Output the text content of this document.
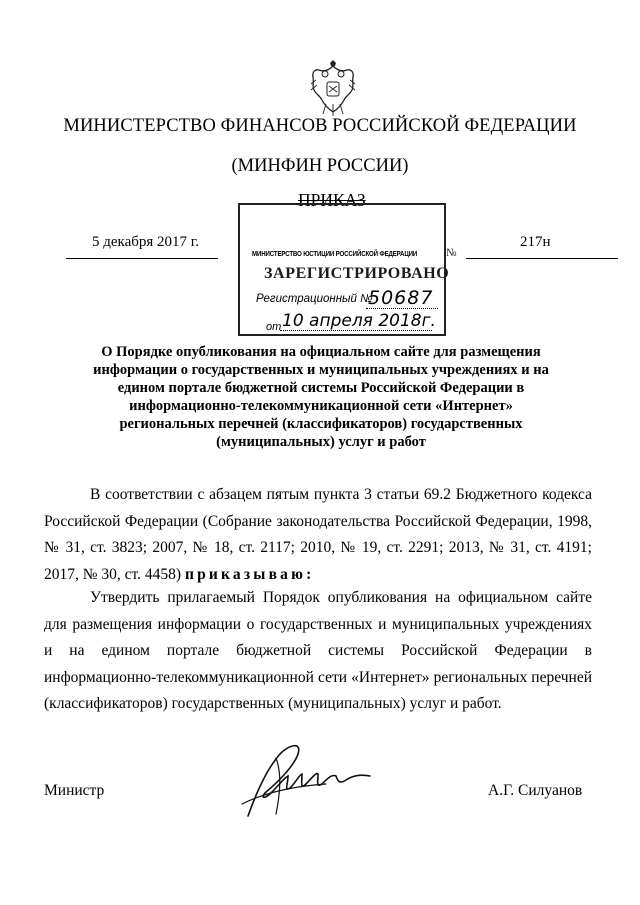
МИНИСТЕРСТВО ФИНАНСОВ РОССИЙСКОЙ ФЕДЕРАЦИИ
(МИНФИН РОССИИ)
ПРИКАЗ
5 декабря 2017 г.
№
217н
МИНИСТЕРСТВО ЮСТИЦИИ РОССИЙСКОЙ ФЕДЕРАЦИИ
ЗАРЕГИСТРИРОВАНО
Регистрационный №
50687
от 10 апреля 2018г.
О Порядке опубликования на официальном сайте для размещения информации о государственных и муниципальных учреждениях и на едином портале бюджетной системы Российской Федерации в информационно-телекоммуникационной сети «Интернет» региональных перечней (классификаторов) государственных (муниципальных) услуг и работ
В соответствии с абзацем пятым пункта 3 статьи 69.2 Бюджетного кодекса Российской Федерации (Собрание законодательства Российской Федерации, 1998, № 31, ст. 3823; 2007, № 18, ст. 2117; 2010, № 19, ст. 2291; 2013, № 31, ст. 4191; 2017, № 30, ст. 4458) приказываю:
Утвердить прилагаемый Порядок опубликования на официальном сайте для размещения информации о государственных и муниципальных учреждениях и на едином портале бюджетной системы Российской Федерации в информационно-телекоммуникационной сети «Интернет» региональных перечней (классификаторов) государственных (муниципальных) услуг и работ.
Министр	А.Г. Силуанов
